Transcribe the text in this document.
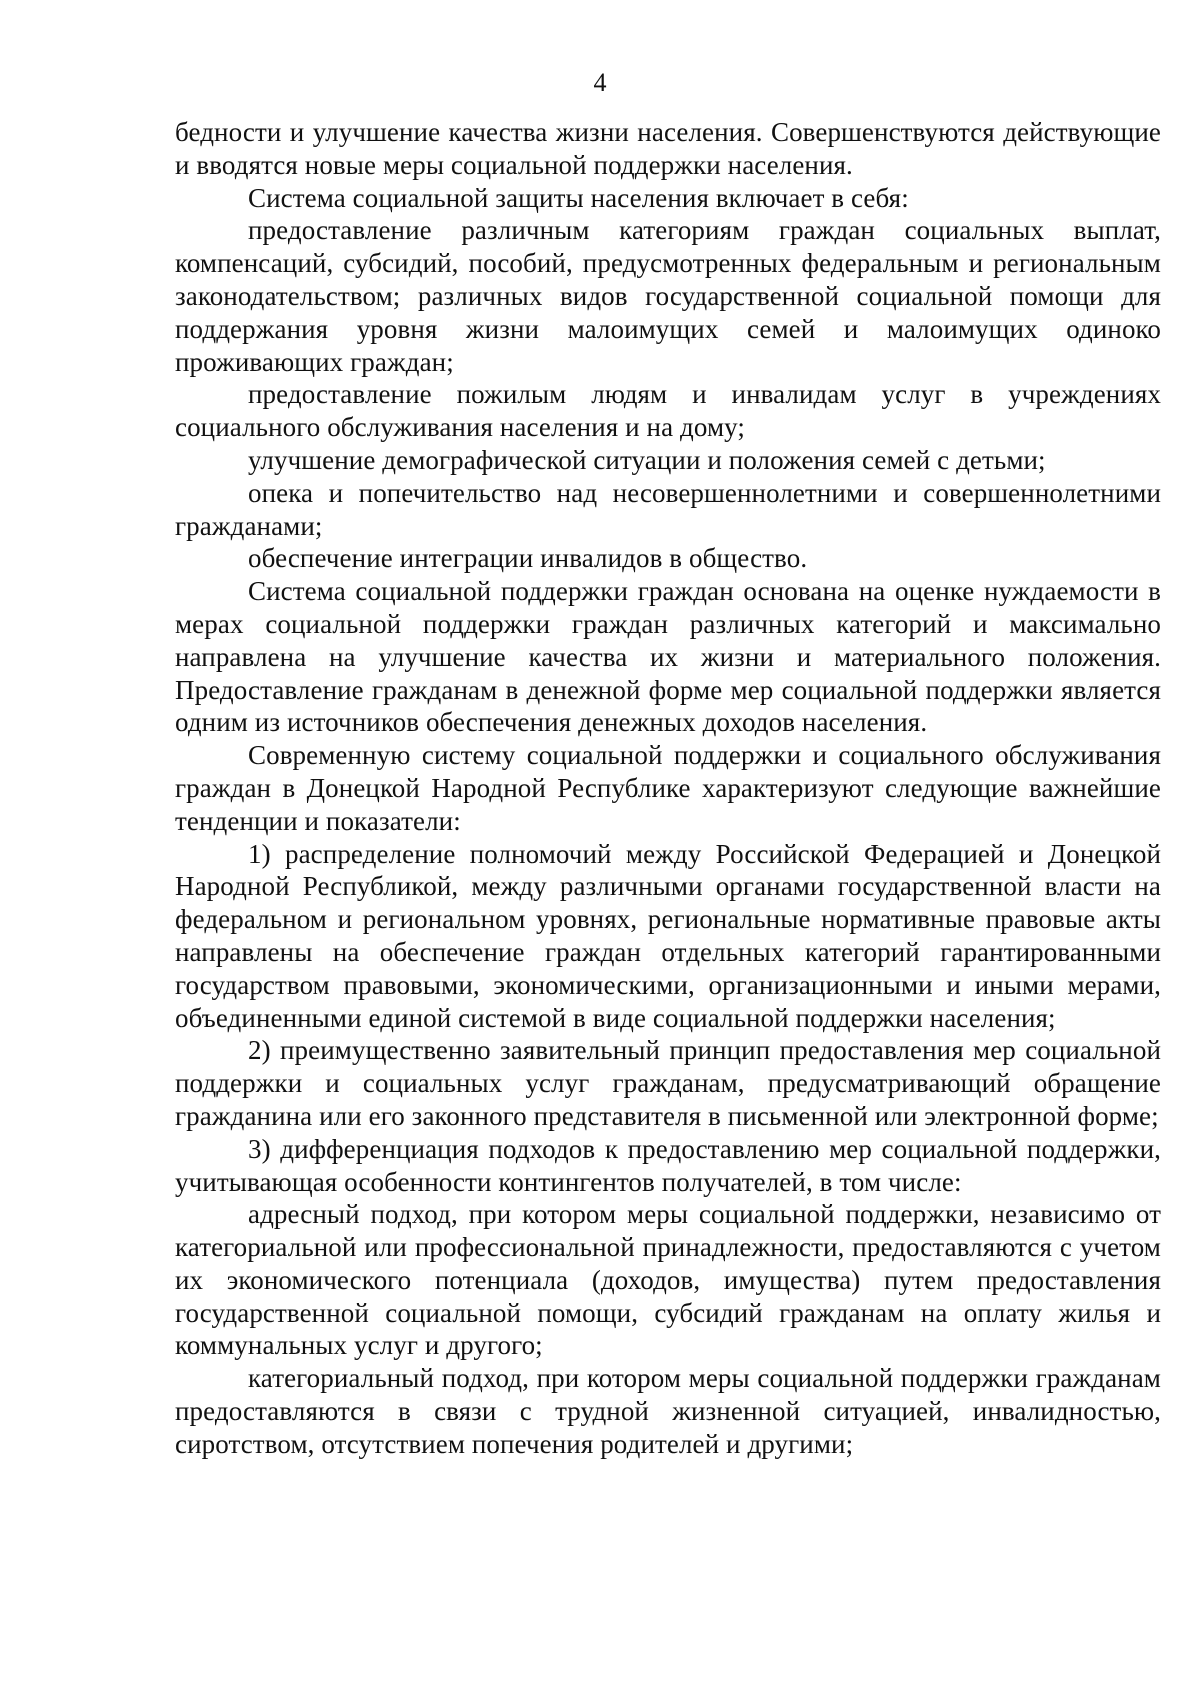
4

бедности и улучшение качества жизни населения. Совершенствуются действующие и вводятся новые меры социальной поддержки населения.

Система социальной защиты населения включает в себя:

предоставление различным категориям граждан социальных выплат, компенсаций, субсидий, пособий, предусмотренных федеральным и региональным законодательством; различных видов государственной социальной помощи для поддержания уровня жизни малоимущих семей и малоимущих одиноко проживающих граждан;

предоставление пожилым людям и инвалидам услуг в учреждениях социального обслуживания населения и на дому;

улучшение демографической ситуации и положения семей с детьми;

опека и попечительство над несовершеннолетними и совершеннолетними гражданами;

обеспечение интеграции инвалидов в общество.

Система социальной поддержки граждан основана на оценке нуждаемости в мерах социальной поддержки граждан различных категорий и максимально направлена на улучшение качества их жизни и материального положения. Предоставление гражданам в денежной форме мер социальной поддержки является одним из источников обеспечения денежных доходов населения.

Современную систему социальной поддержки и социального обслуживания граждан в Донецкой Народной Республике характеризуют следующие важнейшие тенденции и показатели:

1) распределение полномочий между Российской Федерацией и Донецкой Народной Республикой, между различными органами государственной власти на федеральном и региональном уровнях, региональные нормативные правовые акты направлены на обеспечение граждан отдельных категорий гарантированными государством правовыми, экономическими, организационными и иными мерами, объединенными единой системой в виде социальной поддержки населения;

2) преимущественно заявительный принцип предоставления мер социальной поддержки и социальных услуг гражданам, предусматривающий обращение гражданина или его законного представителя в письменной или электронной форме;

3) дифференциация подходов к предоставлению мер социальной поддержки, учитывающая особенности контингентов получателей, в том числе:

адресный подход, при котором меры социальной поддержки, независимо от категориальной или профессиональной принадлежности, предоставляются с учетом их экономического потенциала (доходов, имущества) путем предоставления государственной социальной помощи, субсидий гражданам на оплату жилья и коммунальных услуг и другого;

категориальный подход, при котором меры социальной поддержки гражданам предоставляются в связи с трудной жизненной ситуацией, инвалидностью, сиротством, отсутствием попечения родителей и другими;
